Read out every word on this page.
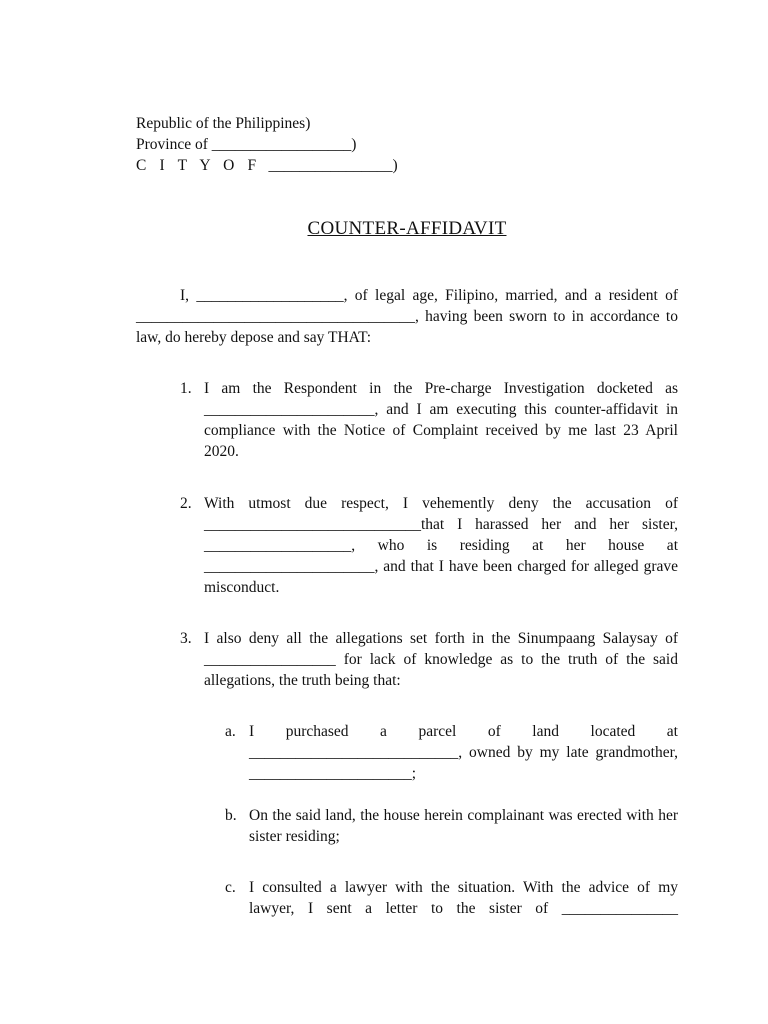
Republic of the Philippines)
Province of __________________)
C I T Y O F ________________)
COUNTER-AFFIDAVIT
I, ___________________, of legal age, Filipino, married, and a resident of ____________________________________, having been sworn to in accordance to law, do hereby depose and say THAT:
1. I am the Respondent in the Pre-charge Investigation docketed as ______________________, and I am executing this counter-affidavit in compliance with the Notice of Complaint received by me last 23 April 2020.
2. With utmost due respect, I vehemently deny the accusation of ____________________________that I harassed her and her sister, ___________________, who is residing at her house at ______________________, and that I have been charged for alleged grave misconduct.
3. I also deny all the allegations set forth in the Sinumpaang Salaysay of _________________ for lack of knowledge as to the truth of the said allegations, the truth being that:
a. I purchased a parcel of land located at ___________________________, owned by my late grandmother, _____________________;
b. On the said land, the house herein complainant was erected with her sister residing;
c. I consulted a lawyer with the situation. With the advice of my lawyer, I sent a letter to the sister of _______________
